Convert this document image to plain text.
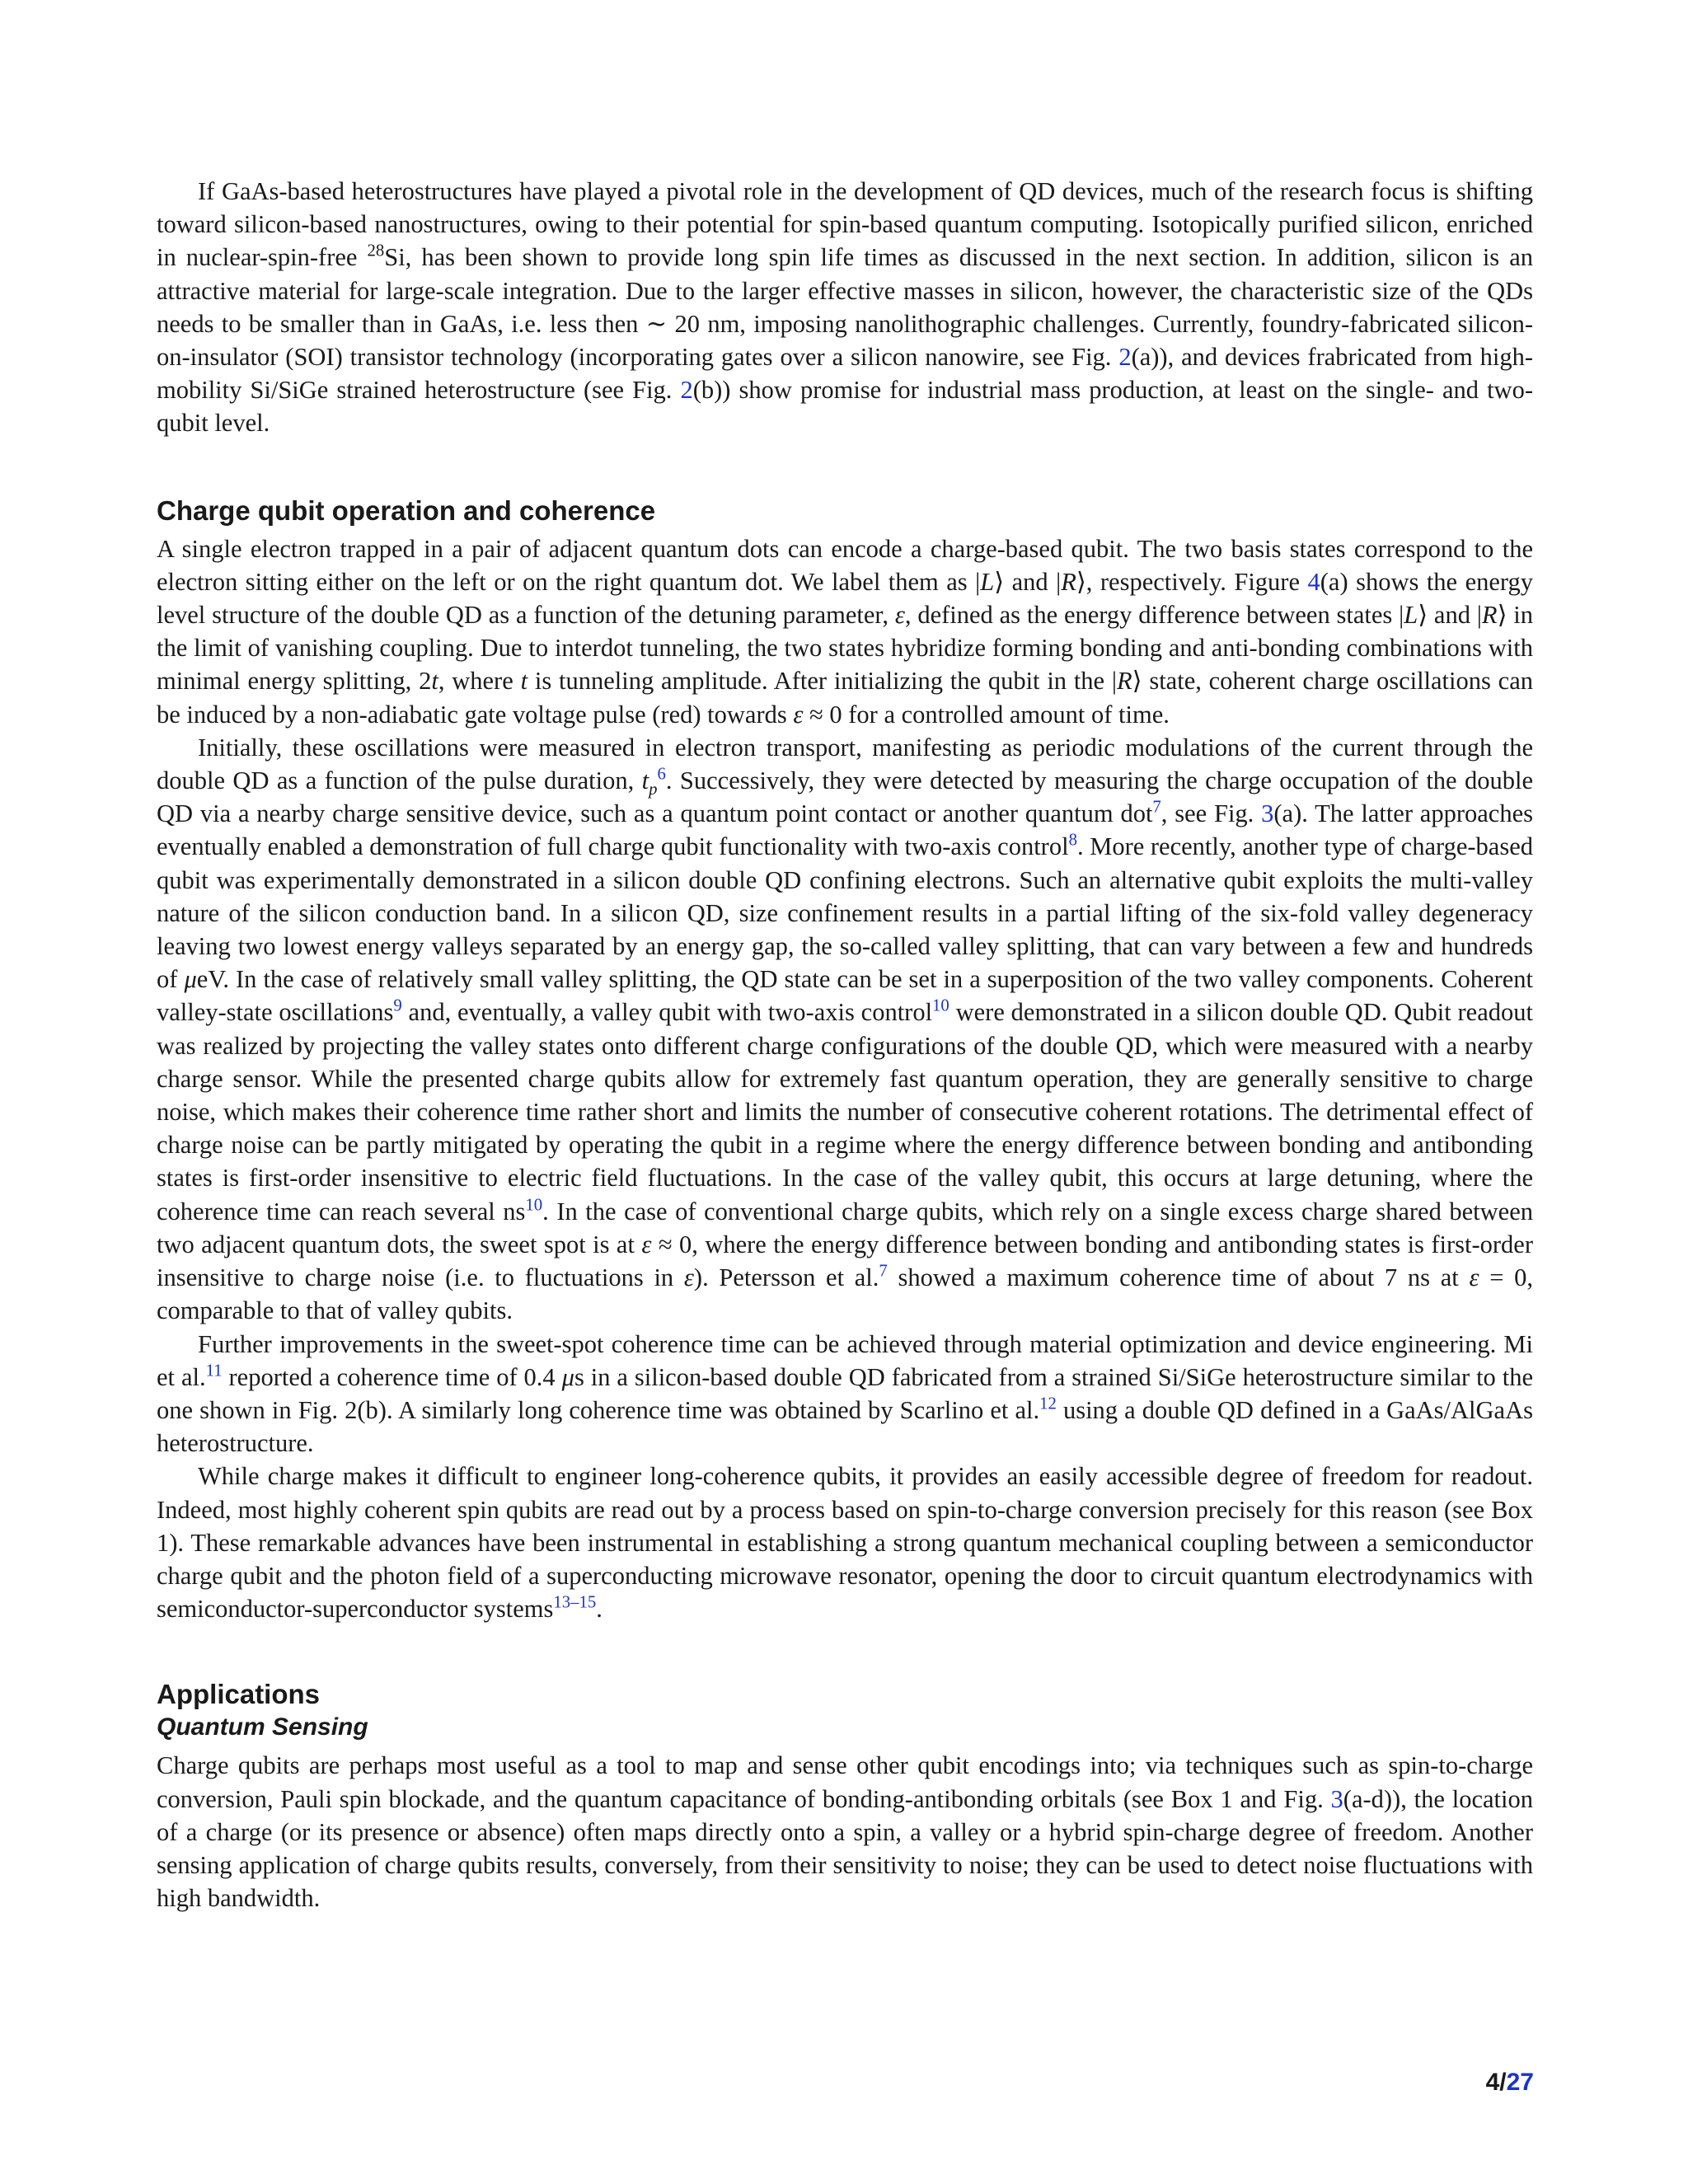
If GaAs-based heterostructures have played a pivotal role in the development of QD devices, much of the research focus is shifting toward silicon-based nanostructures, owing to their potential for spin-based quantum computing. Isotopically purified silicon, enriched in nuclear-spin-free $^{28}$Si, has been shown to provide long spin life times as discussed in the next section. In addition, silicon is an attractive material for large-scale integration. Due to the larger effective masses in silicon, however, the characteristic size of the QDs needs to be smaller than in GaAs, i.e. less then ∼ 20 nm, imposing nanolithographic challenges. Currently, foundry-fabricated silicon-on-insulator (SOI) transistor technology (incorporating gates over a silicon nanowire, see Fig. 2(a)), and devices frabricated from high-mobility Si/SiGe strained heterostructure (see Fig. 2(b)) show promise for industrial mass production, at least on the single- and two-qubit level.

Charge qubit operation and coherence

A single electron trapped in a pair of adjacent quantum dots can encode a charge-based qubit. The two basis states correspond to the electron sitting either on the left or on the right quantum dot. We label them as |L⟩ and |R⟩, respectively. Figure 4(a) shows the energy level structure of the double QD as a function of the detuning parameter, ε, defined as the energy difference between states |L⟩ and |R⟩ in the limit of vanishing coupling. Due to interdot tunneling, the two states hybridize forming bonding and anti-bonding combinations with minimal energy splitting, 2t, where t is tunneling amplitude. After initializing the qubit in the |R⟩ state, coherent charge oscillations can be induced by a non-adiabatic gate voltage pulse (red) towards ε ≈ 0 for a controlled amount of time.

Initially, these oscillations were measured in electron transport, manifesting as periodic modulations of the current through the double QD as a function of the pulse duration, $t_p^6$. Successively, they were detected by measuring the charge occupation of the double QD via a nearby charge sensitive device, such as a quantum point contact or another quantum dot$^7$, see Fig. 3(a). The latter approaches eventually enabled a demonstration of full charge qubit functionality with two-axis control$^8$. More recently, another type of charge-based qubit was experimentally demonstrated in a silicon double QD confining electrons. Such an alternative qubit exploits the multi-valley nature of the silicon conduction band. In a silicon QD, size confinement results in a partial lifting of the six-fold valley degeneracy leaving two lowest energy valleys separated by an energy gap, the so-called valley splitting, that can vary between a few and hundreds of μeV. In the case of relatively small valley splitting, the QD state can be set in a superposition of the two valley components. Coherent valley-state oscillations$^9$ and, eventually, a valley qubit with two-axis control$^{10}$ were demonstrated in a silicon double QD. Qubit readout was realized by projecting the valley states onto different charge configurations of the double QD, which were measured with a nearby charge sensor. While the presented charge qubits allow for extremely fast quantum operation, they are generally sensitive to charge noise, which makes their coherence time rather short and limits the number of consecutive coherent rotations. The detrimental effect of charge noise can be partly mitigated by operating the qubit in a regime where the energy difference between bonding and antibonding states is first-order insensitive to electric field fluctuations. In the case of the valley qubit, this occurs at large detuning, where the coherence time can reach several $ns^{10}$. In the case of conventional charge qubits, which rely on a single excess charge shared between two adjacent quantum dots, the sweet spot is at ε ≈ 0, where the energy difference between bonding and antibonding states is first-order insensitive to charge noise (i.e. to fluctuations in ε). Petersson et al.$^7$ showed a maximum coherence time of about 7 ns at ε = 0, comparable to that of valley qubits.

Further improvements in the sweet-spot coherence time can be achieved through material optimization and device engineering. Mi et al.$^{11}$ reported a coherence time of 0.4 μs in a silicon-based double QD fabricated from a strained Si/SiGe heterostructure similar to the one shown in Fig. 2(b). A similarly long coherence time was obtained by Scarlino et al.$^{12}$ using a double QD defined in a GaAs/AlGaAs heterostructure.

While charge makes it difficult to engineer long-coherence qubits, it provides an easily accessible degree of freedom for readout. Indeed, most highly coherent spin qubits are read out by a process based on spin-to-charge conversion precisely for this reason (see Box 1). These remarkable advances have been instrumental in establishing a strong quantum mechanical coupling between a semiconductor charge qubit and the photon field of a superconducting microwave resonator, opening the door to circuit quantum electrodynamics with semiconductor-superconductor systems$^{13-15}$.

Applications
Quantum Sensing

Charge qubits are perhaps most useful as a tool to map and sense other qubit encodings into; via techniques such as spin-to-charge conversion, Pauli spin blockade, and the quantum capacitance of bonding-antibonding orbitals (see Box 1 and Fig. 3(a-d)), the location of a charge (or its presence or absence) often maps directly onto a spin, a valley or a hybrid spin-charge degree of freedom. Another sensing application of charge qubits results, conversely, from their sensitivity to noise; they can be used to detect noise fluctuations with high bandwidth.

4/27
